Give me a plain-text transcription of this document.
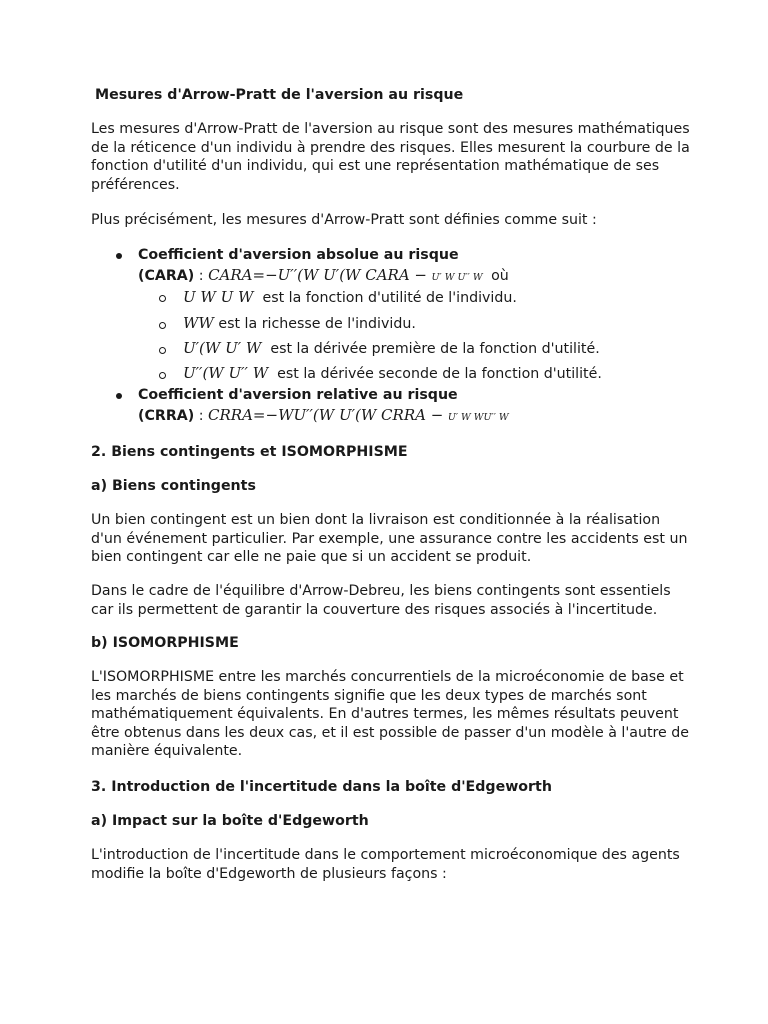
Mesures d'Arrow-Pratt de l'aversion au risque

Les mesures d'Arrow-Pratt de l'aversion au risque sont des mesures mathématiques de la réticence d'un individu à prendre des risques. Elles mesurent la courbure de la fonction d'utilité d'un individu, qui est une représentation mathématique de ses préférences.

Plus précisément, les mesures d'Arrow-Pratt sont définies comme suit :

Coefficient d'aversion absolue au risque
(CARA) : CARA=−U′′(W U′(W CARA − U′ W U′′ W où
U W U W est la fonction d'utilité de l'individu.
WW est la richesse de l'individu.
U′(W U′ W est la dérivée première de la fonction d'utilité.
U′′(W U′′ W est la dérivée seconde de la fonction d'utilité.
Coefficient d'aversion relative au risque
(CRRA) : CRRA=−WU′′(W U′(W CRRA − U′ W WU′′ W

2. Biens contingents et ISOMORPHISME

a) Biens contingents

Un bien contingent est un bien dont la livraison est conditionnée à la réalisation d'un événement particulier. Par exemple, une assurance contre les accidents est un bien contingent car elle ne paie que si un accident se produit.

Dans le cadre de l'équilibre d'Arrow-Debreu, les biens contingents sont essentiels car ils permettent de garantir la couverture des risques associés à l'incertitude.

b) ISOMORPHISME

L'ISOMORPHISME entre les marchés concurrentiels de la microéconomie de base et les marchés de biens contingents signifie que les deux types de marchés sont mathématiquement équivalents. En d'autres termes, les mêmes résultats peuvent être obtenus dans les deux cas, et il est possible de passer d'un modèle à l'autre de manière équivalente.

3. Introduction de l'incertitude dans la boîte d'Edgeworth

a) Impact sur la boîte d'Edgeworth

L'introduction de l'incertitude dans le comportement microéconomique des agents modifie la boîte d'Edgeworth de plusieurs façons :
